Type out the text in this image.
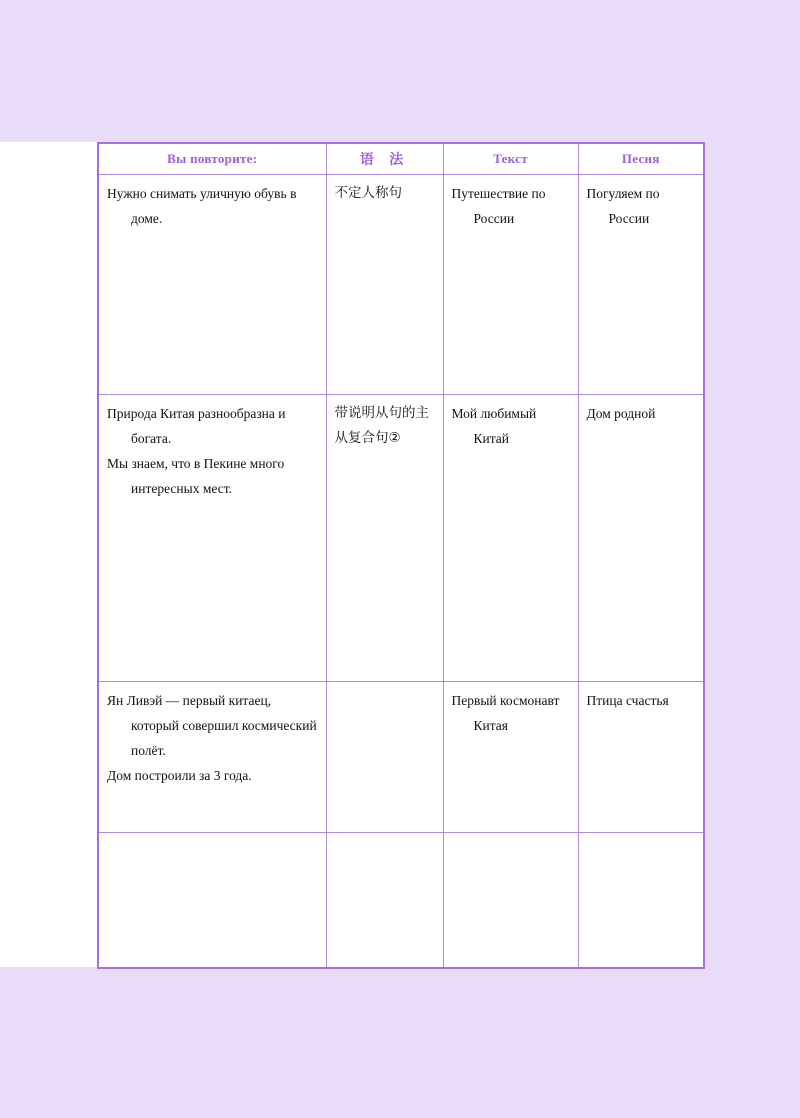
Вы повторите:	语 法	Текст	Песня

Нужно снимать уличную обувь в доме.	不定人称句	Путешествие по России	Погуляем по России

Природа Китая разнообразна и богата.
Мы знаем, что в Пекине много интересных мест.	带说明从句的主从复合句②	Мой любимый Китай	Дом родной

Ян Ливэй — первый китаец, который совершил космический полёт.
Дом построили за 3 года.		Первый космонавт Китая	Птица счастья
